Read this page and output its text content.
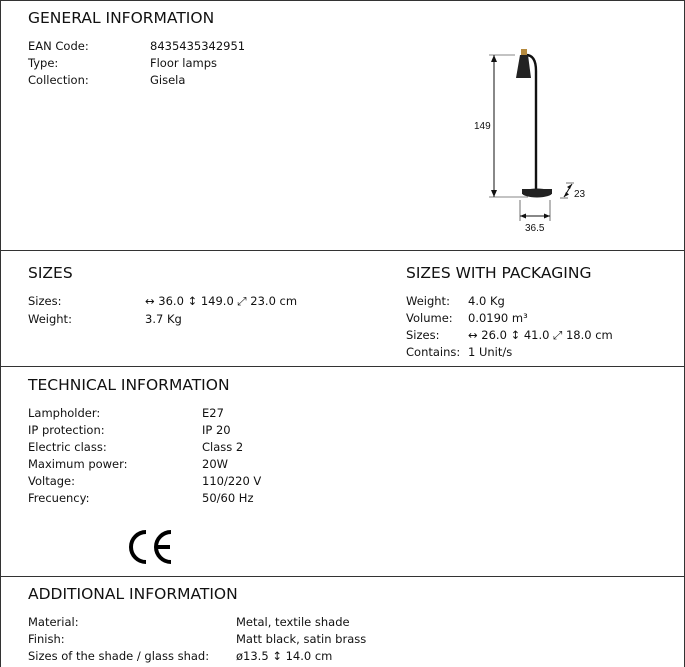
GENERAL INFORMATION
EAN Code:	8435435342951
Type:	Floor lamps
Collection:	Gisela
149
36.5
23
SIZES
Sizes:	↔ 36.0 ↕ 149.0 ⤢ 23.0 cm
Weight:	3.7 Kg
SIZES WITH PACKAGING
Weight: 4.0 Kg
Volume: 0.0190 m³
Sizes: ↔ 26.0 ↕ 41.0 ⤢ 18.0 cm
Contains: 1 Unit/s
TECHNICAL INFORMATION
Lampholder:	E27
IP protection:	IP 20
Electric class:	Class 2
Maximum power:	20W
Voltage:	110/220 V
Frecuency:	50/60 Hz
ADDITIONAL INFORMATION
Material:	Metal, textile shade
Finish:	Matt black, satin brass
Sizes of the shade / glass shad: ø13.5 ↕ 14.0 cm
